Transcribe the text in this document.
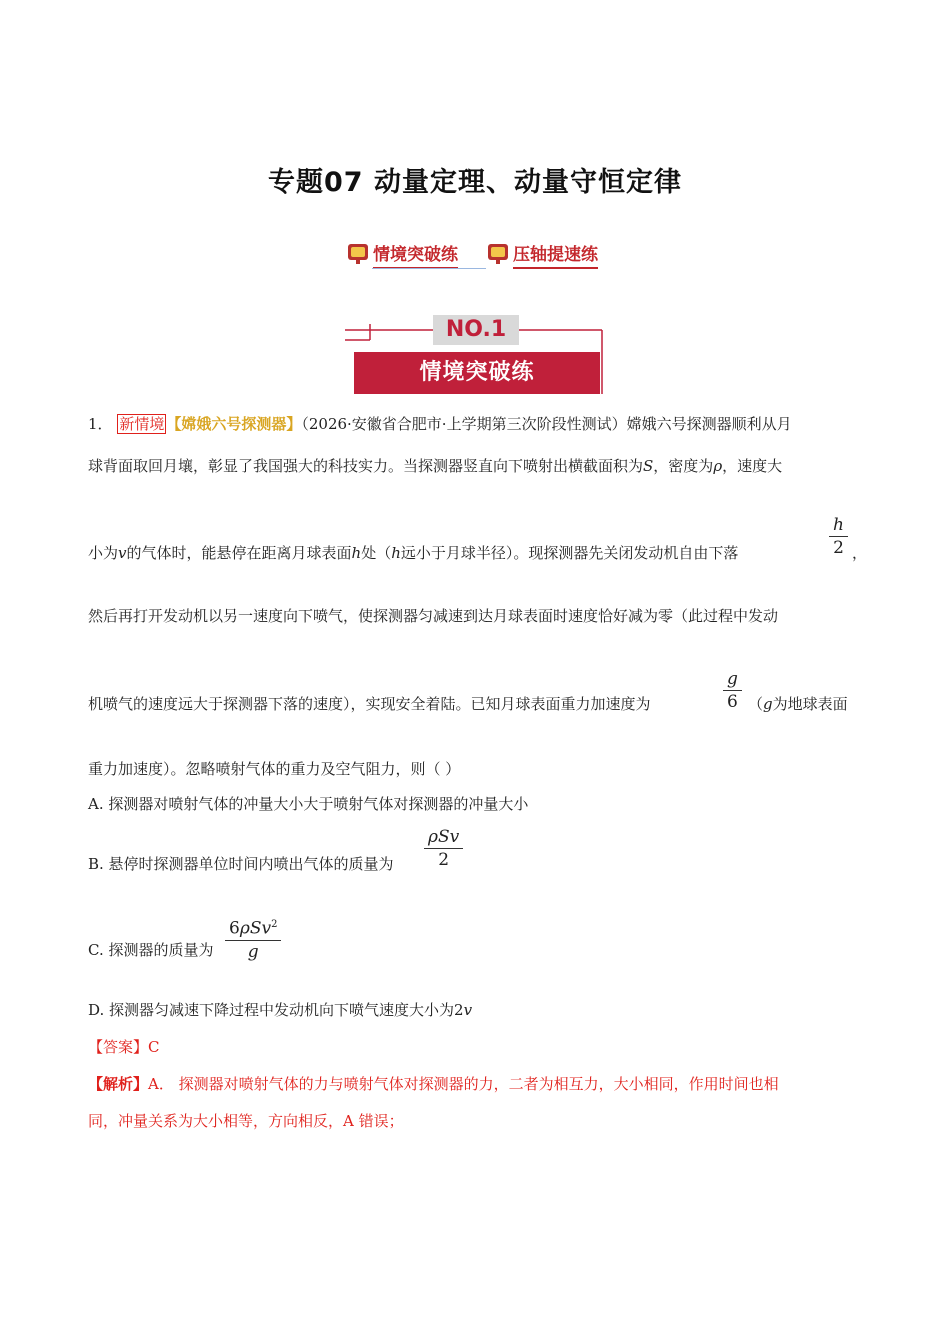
专题07 动量定理、动量守恒定律
情境突破练	压轴提速练
NO.1
情境突破练
1． 新情境 【嫦娥六号探测器】（2026·安徽省合肥市·上学期第三次阶段性测试）嫦娥六号探测器顺利从月
球背面取回月壤，彰显了我国强大的科技实力。当探测器竖直向下喷射出横截面积为S，密度为ρ，速度大
小为v的气体时，能悬停在距离月球表面h处（h远小于月球半径）。现探测器先关闭发动机自由下落	$\frac{h}{2}$ ，
然后再打开发动机以另一速度向下喷气，使探测器匀减速到达月球表面时速度恰好减为零（此过程中发动
机喷气的速度远大于探测器下落的速度），实现安全着陆。已知月球表面重力加速度为	$\frac{g}{6} (g$为地球表面
重力加速度）。忽略喷射气体的重力及空气阻力，则（ ）
A. 探测器对喷射气体的冲量大小大于喷射气体对探测器的冲量大小
B. 悬停时探测器单位时间内喷出气体的质量为 $\frac{\text{ρSv}}{2}$
C. 探测器的质量为 $\frac{6\rho Sv^2}{g}$
D. 探测器匀减速下降过程中发动机向下喷气速度大小为2v
【答案】C
【解析】A． 探测器对喷射气体的力与喷射气体对探测器的力，二者为相互力，大小相同，作用时间也相
同，冲量关系为大小相等，方向相反，A 错误；
